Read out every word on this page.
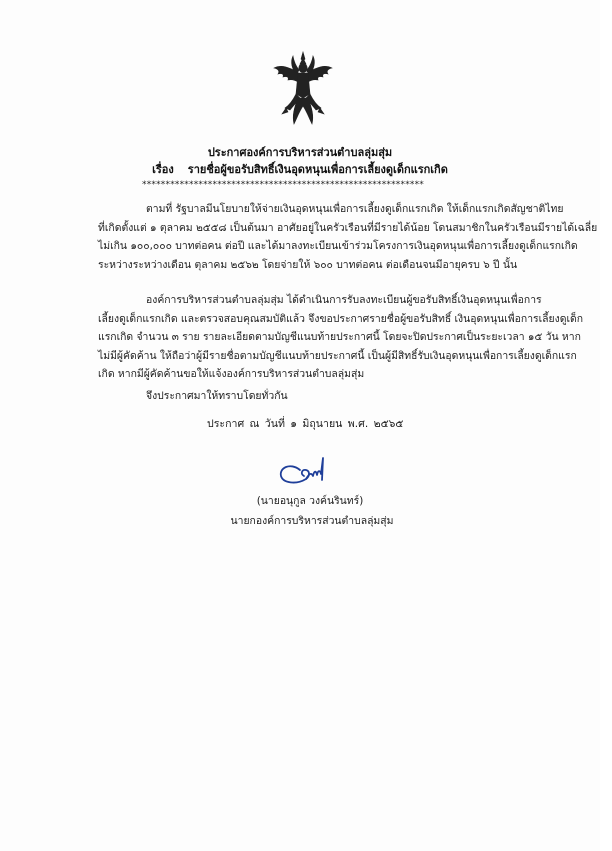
ประกาศองค์การบริหารส่วนตำบลลุ่มสุ่ม
เรื่อง รายชื่อผู้ขอรับสิทธิ์เงินอุดหนุนเพื่อการเลี้ยงดูเด็กแรกเกิด
************************************************************
ตามที่ รัฐบาลมีนโยบายให้จ่ายเงินอุดหนุนเพื่อการเลี้ยงดูเด็กแรกเกิด ให้เด็กแรกเกิดสัญชาติไทย
ที่เกิดตั้งแต่ ๑ ตุลาคม ๒๕๕๘ เป็นต้นมา อาศัยอยู่ในครัวเรือนที่มีรายได้น้อย โดนสมาชิกในครัวเรือนมีรายได้เฉลี่ย
ไม่เกิน ๑๐๐,๐๐๐ บาทต่อคน ต่อปี และได้มาลงทะเบียนเข้าร่วมโครงการเงินอุดหนุนเพื่อการเลี้ยงดูเด็กแรกเกิด
ระหว่างระหว่างเดือน ตุลาคม ๒๕๖๒ โดยจ่ายให้ ๖๐๐ บาทต่อคน ต่อเดือนจนมีอายุครบ ๖ ปี นั้น
องค์การบริหารส่วนตำบลลุ่มสุ่ม ได้ดำเนินการรับลงทะเบียนผู้ขอรับสิทธิ์เงินอุดหนุนเพื่อการ
เลี้ยงดูเด็กแรกเกิด และตรวจสอบคุณสมบัติแล้ว จึงขอประกาศรายชื่อผู้ขอรับสิทธิ์ เงินอุดหนุนเพื่อการเลี้ยงดูเด็ก
แรกเกิด จำนวน ๓ ราย รายละเอียดตามบัญชีแนบท้ายประกาศนี้ โดยจะปิดประกาศเป็นระยะเวลา ๑๕ วัน หาก
ไม่มีผู้คัดค้าน ให้ถือว่าผู้มีรายชื่อตามบัญชีแนบท้ายประกาศนี้ เป็นผู้มีสิทธิ์รับเงินอุดหนุนเพื่อการเลี้ยงดูเด็กแรก
เกิด หากมีผู้คัดค้านขอให้แจ้งองค์การบริหารส่วนตำบลลุ่มสุ่ม
จึงประกาศมาให้ทราบโดยทั่วกัน
ประกาศ ณ วันที่ ๑ มิถุนายน พ.ศ. ๒๕๖๕
(นายอนุกูล วงค์นรินทร์)
นายกองค์การบริหารส่วนตำบลลุ่มสุ่ม
